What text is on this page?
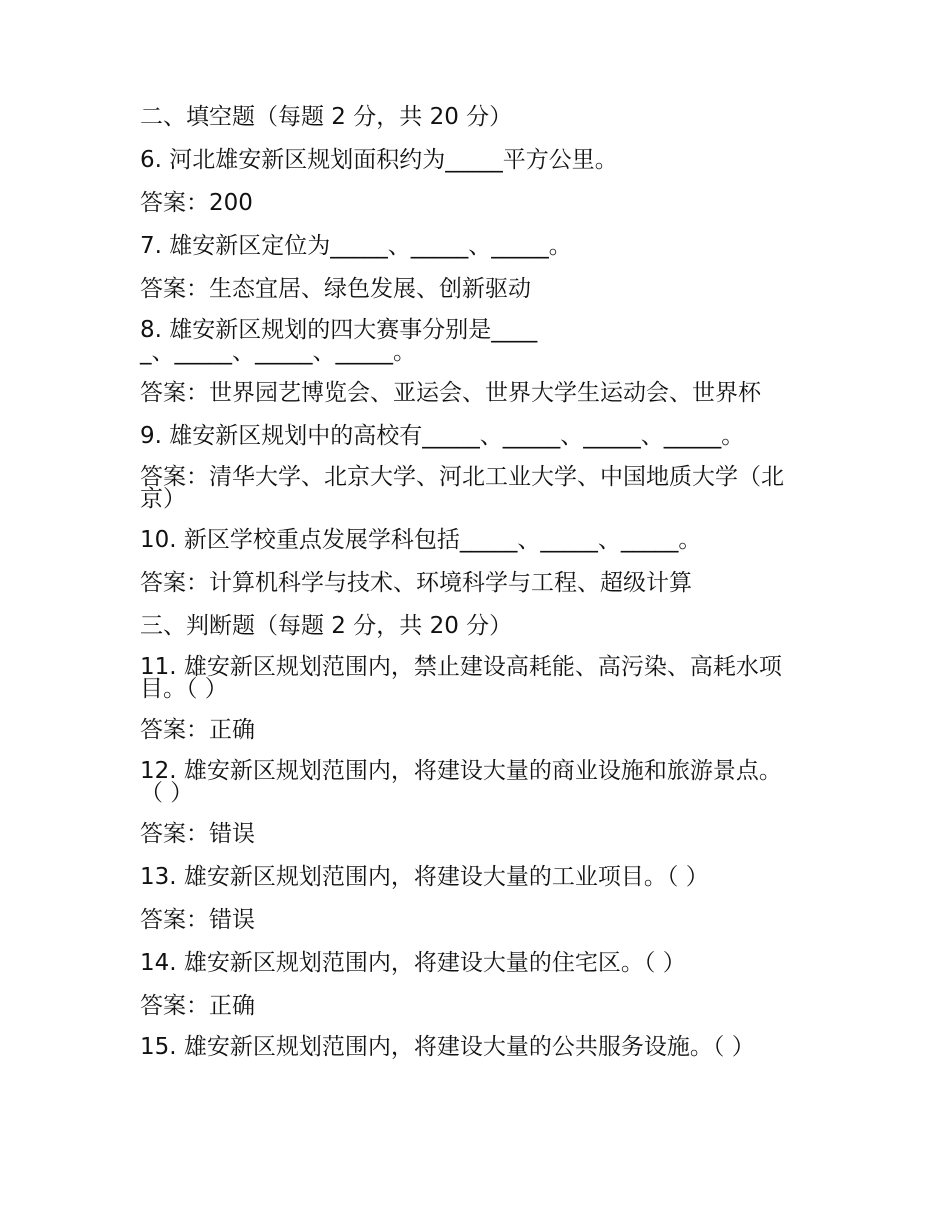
二、填空题（每题 2 分，共 20 分）
6. 河北雄安新区规划面积约为_____平方公里。
答案：200
7. 雄安新区定位为_____、_____、_____。
答案：生态宜居、绿色发展、创新驱动
8. 雄安新区规划的四大赛事分别是_____、_____、_____、_____。
答案：世界园艺博览会、亚运会、世界大学生运动会、世界杯
9. 雄安新区规划中的高校有_____、_____、_____、_____。
答案：清华大学、北京大学、河北工业大学、中国地质大学（北京）
10. 新区学校重点发展学科包括_____、_____、_____。
答案：计算机科学与技术、环境科学与工程、超级计算
三、判断题（每题 2 分，共 20 分）
11. 雄安新区规划范围内，禁止建设高耗能、高污染、高耗水项目。（ ）
答案：正确
12. 雄安新区规划范围内，将建设大量的商业设施和旅游景点。（ ）
答案：错误
13. 雄安新区规划范围内，将建设大量的工业项目。（ ）
答案：错误
14. 雄安新区规划范围内，将建设大量的住宅区。（ ）
答案：正确
15. 雄安新区规划范围内，将建设大量的公共服务设施。（ ）
